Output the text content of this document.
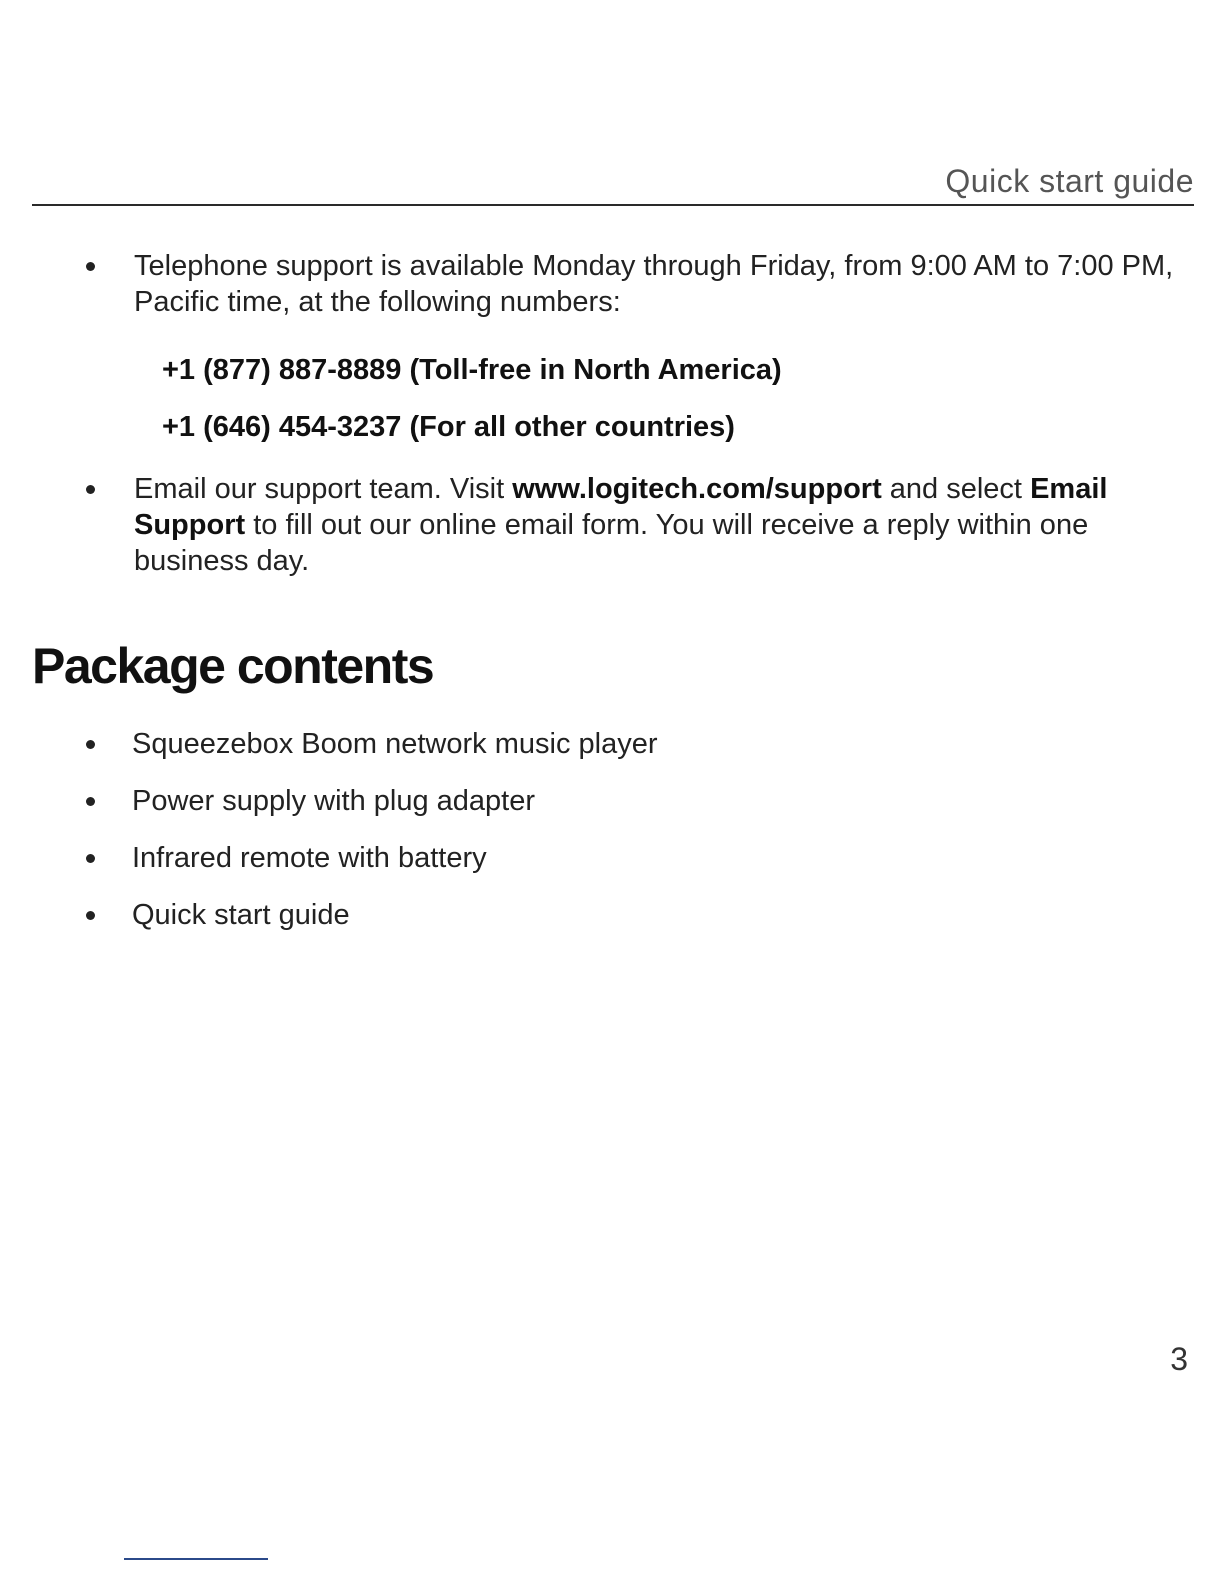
Quick start guide
Telephone support is available Monday through Friday, from 9:00 AM to 7:00 PM, Pacific time, at the following numbers:
+1 (877) 887-8889 (Toll-free in North America)
+1 (646) 454-3237 (For all other countries)
Email our support team. Visit www.logitech.com/support and select Email Support to fill out our online email form. You will receive a reply within one business day.
Package contents
Squeezebox Boom network music player
Power supply with plug adapter
Infrared remote with battery
Quick start guide
3
